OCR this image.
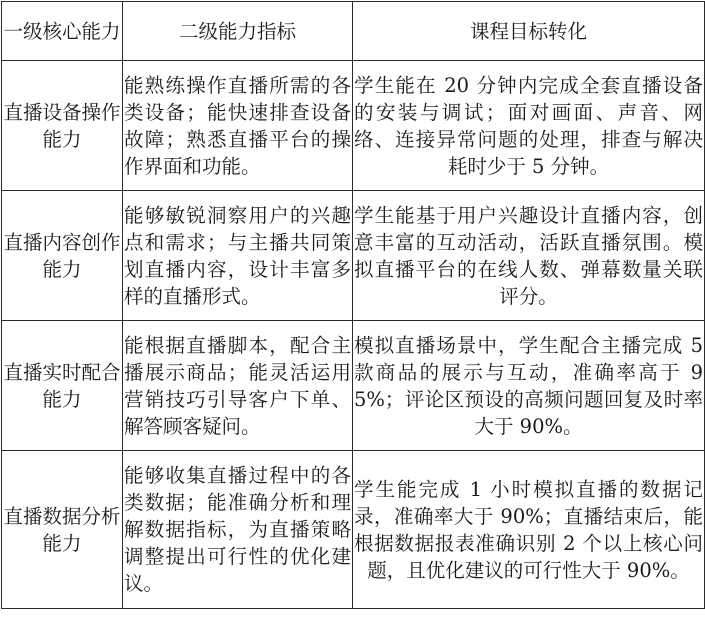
一级核心能力	二级能力指标	课程目标转化
直播设备操作能力	能熟练操作直播所需的各类设备；能快速排查设备故障；熟悉直播平台的操作界面和功能。	学生能在 20 分钟内完成全套直播设备的安装与调试；面对画面、声音、网络、连接异常问题的处理，排查与解决耗时少于 5 分钟。
直播内容创作能力	能够敏锐洞察用户的兴趣点和需求；与主播共同策划直播内容，设计丰富多样的直播形式。	学生能基于用户兴趣设计直播内容，创意丰富的互动活动，活跃直播氛围。模拟直播平台的在线人数、弹幕数量关联评分。
直播实时配合能力	能根据直播脚本，配合主播展示商品；能灵活运用营销技巧引导客户下单、解答顾客疑问。	模拟直播场景中，学生配合主播完成 5 款商品的展示与互动，准确率高于 95%；评论区预设的高频问题回复及时率大于 90%。
直播数据分析能力	能够收集直播过程中的各类数据；能准确分析和理解数据指标，为直播策略调整提出可行性的优化建议。	学生能完成 1 小时模拟直播的数据记录，准确率大于 90%；直播结束后，能根据数据报表准确识别 2 个以上核心问题，且优化建议的可行性大于 90%。
